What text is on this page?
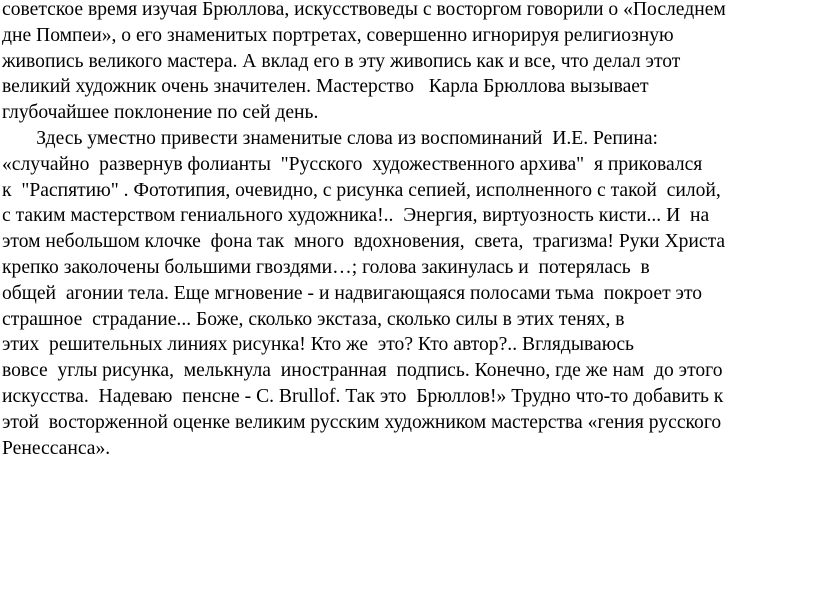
советское время изучая Брюллова, искусствоведы с восторгом говорили о «Последнем
дне Помпеи», о его знаменитых портретах, совершенно игнорируя религиозную
живопись великого мастера. А вклад его в эту живопись как и все, что делал этот
великий художник очень значителен. Мастерство   Карла Брюллова вызывает
глубочайшее поклонение по сей день.
Здесь уместно привести знаменитые слова из воспоминаний  И.Е. Репина:
«случайно  развернув фолианты  "Русского  художественного архива"  я приковался
к  "Распятию" . Фототипия, очевидно, с рисунка сепией, исполненного с такой  силой,
с таким мастерством гениального художника!..  Энергия, виртуозность кисти... И  на
этом небольшом клочке  фона так  много  вдохновения,  света,  трагизма! Руки Христа
крепко заколочены большими гвоздями…; голова закинулась и  потерялась  в
общей  агонии тела. Еще мгновение - и надвигающаяся полосами тьма  покроет это
страшное  страдание... Боже, сколько экстаза, сколько силы в этих тенях, в
этих  решительных линиях рисунка! Кто же  это? Кто автор?.. Вглядываюсь
вовсе  углы рисунка,  мелькнула  иностранная  подпись. Конечно, где же нам  до этого
искусства.  Надеваю  пенсне - C. Brullof. Так это  Брюллов!» Трудно что-то добавить к
этой  восторженной оценке великим русским художником мастерства «гения русского
Ренессанса».
